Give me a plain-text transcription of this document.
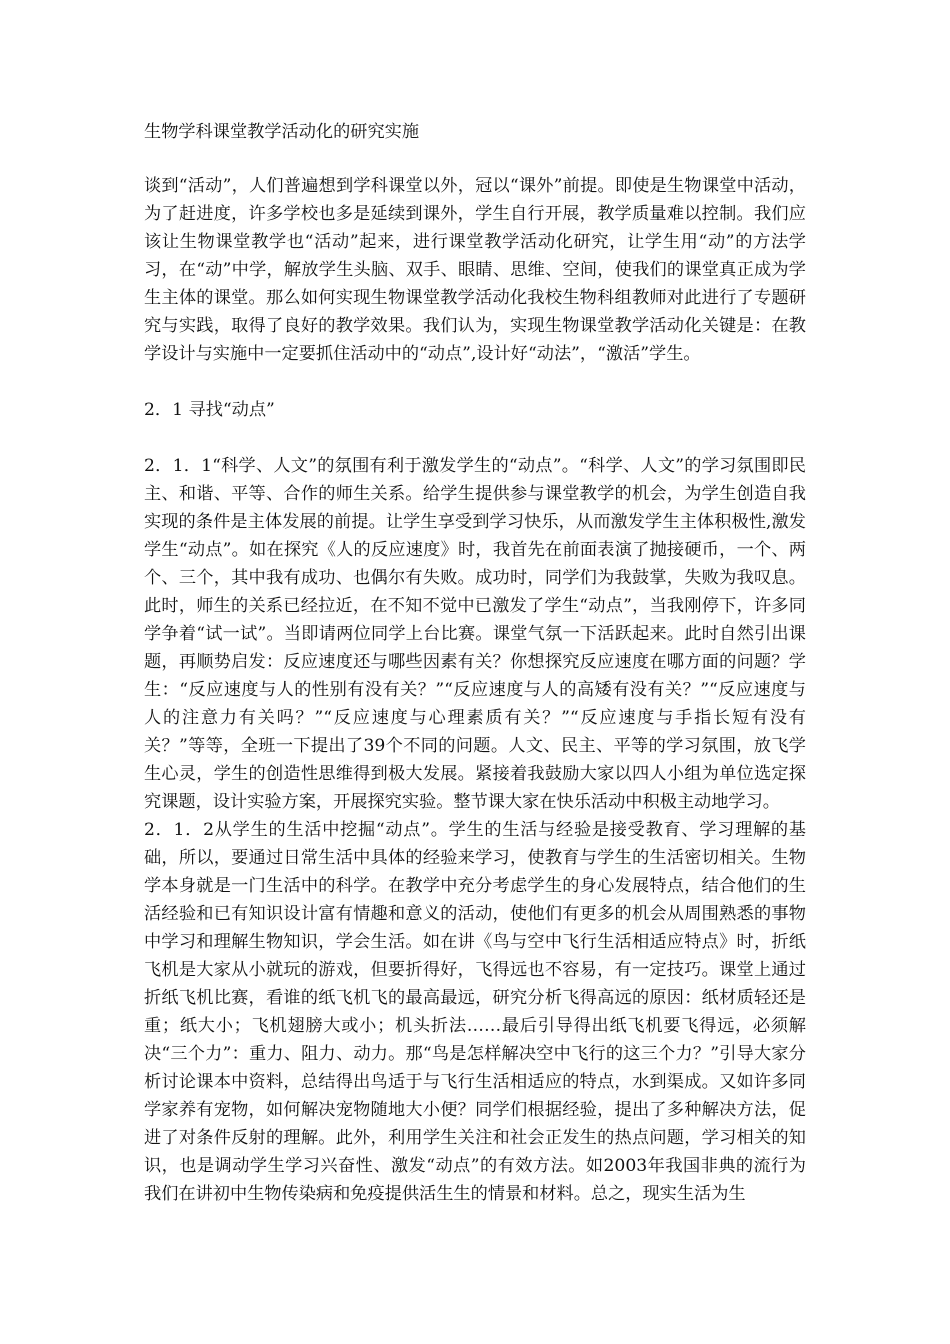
生物学科课堂教学活动化的研究实施

谈到“活动”，人们普遍想到学科课堂以外，冠以“课外”前提。即使是生物课堂中活动，为了赶进度，许多学校也多是延续到课外，学生自行开展，教学质量难以控制。我们应该让生物课堂教学也“活动”起来，进行课堂教学活动化研究，让学生用“动”的方法学习，在“动”中学，解放学生头脑、双手、眼睛、思维、空间，使我们的课堂真正成为学生主体的课堂。那么如何实现生物课堂教学活动化我校生物科组教师对此进行了专题研究与实践，取得了良好的教学效果。我们认为，实现生物课堂教学活动化关键是：在教学设计与实施中一定要抓住活动中的“动点”,设计好“动法”，“激活”学生。

2．1 寻找“动点”

2．1．1“科学、人文”的氛围有利于激发学生的“动点”。“科学、人文”的学习氛围即民主、和谐、平等、合作的师生关系。给学生提供参与课堂教学的机会，为学生创造自我实现的条件是主体发展的前提。让学生享受到学习快乐，从而激发学生主体积极性,激发学生“动点”。如在探究《人的反应速度》时，我首先在前面表演了抛接硬币，一个、两个、三个，其中我有成功、也偶尔有失败。成功时，同学们为我鼓掌，失败为我叹息。此时，师生的关系已经拉近，在不知不觉中已激发了学生“动点”，当我刚停下，许多同学争着“试一试”。当即请两位同学上台比赛。课堂气氛一下活跃起来。此时自然引出课题，再顺势启发：反应速度还与哪些因素有关？你想探究反应速度在哪方面的问题？学生：“反应速度与人的性别有没有关？”“反应速度与人的高矮有没有关？”“反应速度与人的注意力有关吗？”“反应速度与心理素质有关？”“反应速度与手指长短有没有关？”等等，全班一下提出了39个不同的问题。人文、民主、平等的学习氛围，放飞学生心灵，学生的创造性思维得到极大发展。紧接着我鼓励大家以四人小组为单位选定探究课题，设计实验方案，开展探究实验。整节课大家在快乐活动中积极主动地学习。

2．1．2从学生的生活中挖掘“动点”。学生的生活与经验是接受教育、学习理解的基础，所以，要通过日常生活中具体的经验来学习，使教育与学生的生活密切相关。生物学本身就是一门生活中的科学。在教学中充分考虑学生的身心发展特点，结合他们的生活经验和已有知识设计富有情趣和意义的活动，使他们有更多的机会从周围熟悉的事物中学习和理解生物知识，学会生活。如在讲《鸟与空中飞行生活相适应特点》时，折纸飞机是大家从小就玩的游戏，但要折得好，飞得远也不容易，有一定技巧。课堂上通过折纸飞机比赛，看谁的纸飞机飞的最高最远，研究分析飞得高远的原因：纸材质轻还是重；纸大小；飞机翅膀大或小；机头折法……最后引导得出纸飞机要飞得远，必须解决“三个力”：重力、阻力、动力。那“鸟是怎样解决空中飞行的这三个力？”引导大家分析讨论课本中资料，总结得出鸟适于与飞行生活相适应的特点，水到渠成。又如许多同学家养有宠物，如何解决宠物随地大小便？同学们根据经验，提出了多种解决方法，促进了对条件反射的理解。此外，利用学生关注和社会正发生的热点问题，学习相关的知识，也是调动学生学习兴奋性、激发“动点”的有效方法。如2003年我国非典的流行为我们在讲初中生物传染病和免疫提供活生生的情景和材料。总之，现实生活为生
